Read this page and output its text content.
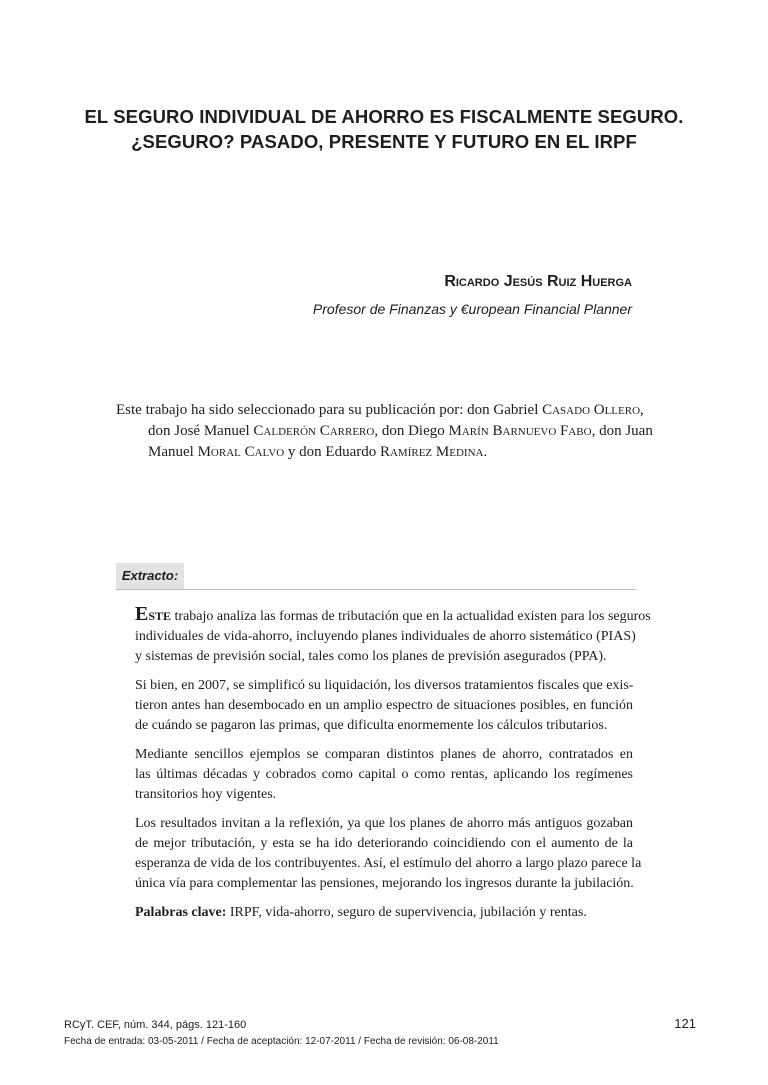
EL SEGURO INDIVIDUAL DE AHORRO ES FISCALMENTE SEGURO.
¿SEGURO? PASADO, PRESENTE Y FUTURO EN EL IRPF
Ricardo Jesús Ruiz Huerga
Profesor de Finanzas y €uropean Financial Planner
Este trabajo ha sido seleccionado para su publicación por: don Gabriel Casado Ollero,
don José Manuel Calderón Carrero, don Diego Marín Barnuevo Fabo, don Juan
Manuel Moral Calvo y don Eduardo Ramírez Medina.
Extracto:

Este trabajo analiza las formas de tributación que en la actualidad existen para los seguros
individuales de vida-ahorro, incluyendo planes individuales de ahorro sistemático (PIAS)
y sistemas de previsión social, tales como los planes de previsión asegurados (PPA).

Si bien, en 2007, se simplificó su liquidación, los diversos tratamientos fiscales que exis-
tieron antes han desembocado en un amplio espectro de situaciones posibles, en función
de cuándo se pagaron las primas, que dificulta enormemente los cálculos tributarios.

Mediante sencillos ejemplos se comparan distintos planes de ahorro, contratados en
las últimas décadas y cobrados como capital o como rentas, aplicando los regímenes
transitorios hoy vigentes.

Los resultados invitan a la reflexión, ya que los planes de ahorro más antiguos gozaban
de mejor tributación, y esta se ha ido deteriorando coincidiendo con el aumento de la
esperanza de vida de los contribuyentes. Así, el estímulo del ahorro a largo plazo parece la
única vía para complementar las pensiones, mejorando los ingresos durante la jubilación.

Palabras clave: IRPF, vida-ahorro, seguro de supervivencia, jubilación y rentas.

RCyT. CEF, núm. 344, págs. 121-160
Fecha de entrada: 03-05-2011 / Fecha de aceptación: 12-07-2011 / Fecha de revisión: 06-08-2011
121
